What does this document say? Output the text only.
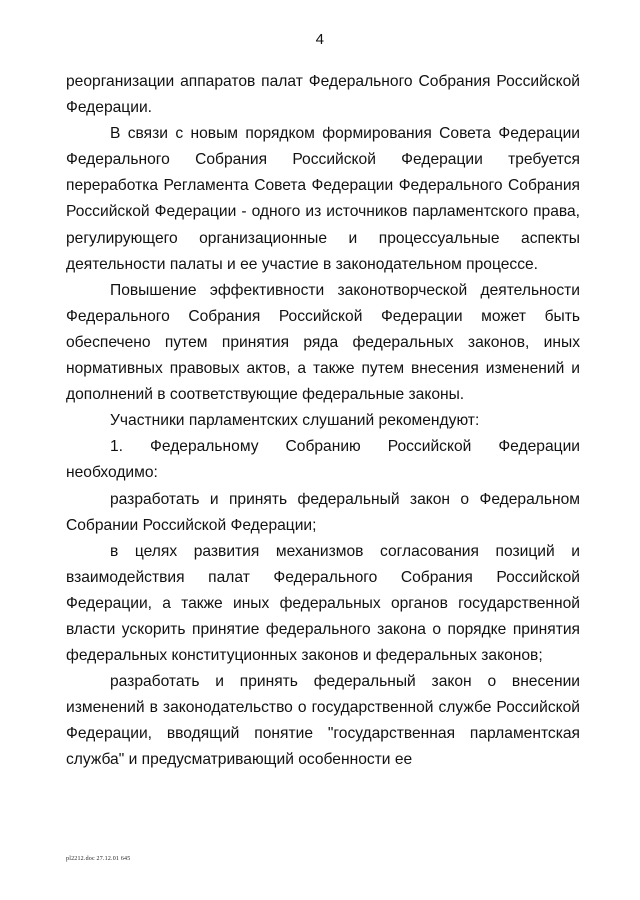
4

реорганизации аппаратов палат Федерального Собрания Российской Федерации.

В связи с новым порядком формирования Совета Федерации Федерального Собрания Российской Федерации требуется переработка Регламента Совета Федерации Федерального Собрания Российской Федерации - одного из источников парламентского права, регулирующего организационные и процессуальные аспекты деятельности палаты и ее участие в законодательном процессе.

Повышение эффективности законотворческой деятельности Федерального Собрания Российской Федерации может быть обеспечено путем принятия ряда федеральных законов, иных нормативных правовых актов, а также путем внесения изменений и дополнений в соответствующие федеральные законы.

Участники парламентских слушаний рекомендуют:

1. Федеральному Собранию Российской Федерации необходимо:

разработать и принять федеральный закон о Федеральном Собрании Российской Федерации;

в целях развития механизмов согласования позиций и взаимодействия палат Федерального Собрания Российской Федерации, а также иных федеральных органов государственной власти ускорить принятие федерального закона о порядке принятия федеральных конституционных законов и федеральных законов;

разработать и принять федеральный закон о внесении изменений в законодательство о государственной службе Российской Федерации, вводящий понятие "государственная парламентская служба" и предусматривающий особенности ее

pl2212.doc 27.12.01 645
